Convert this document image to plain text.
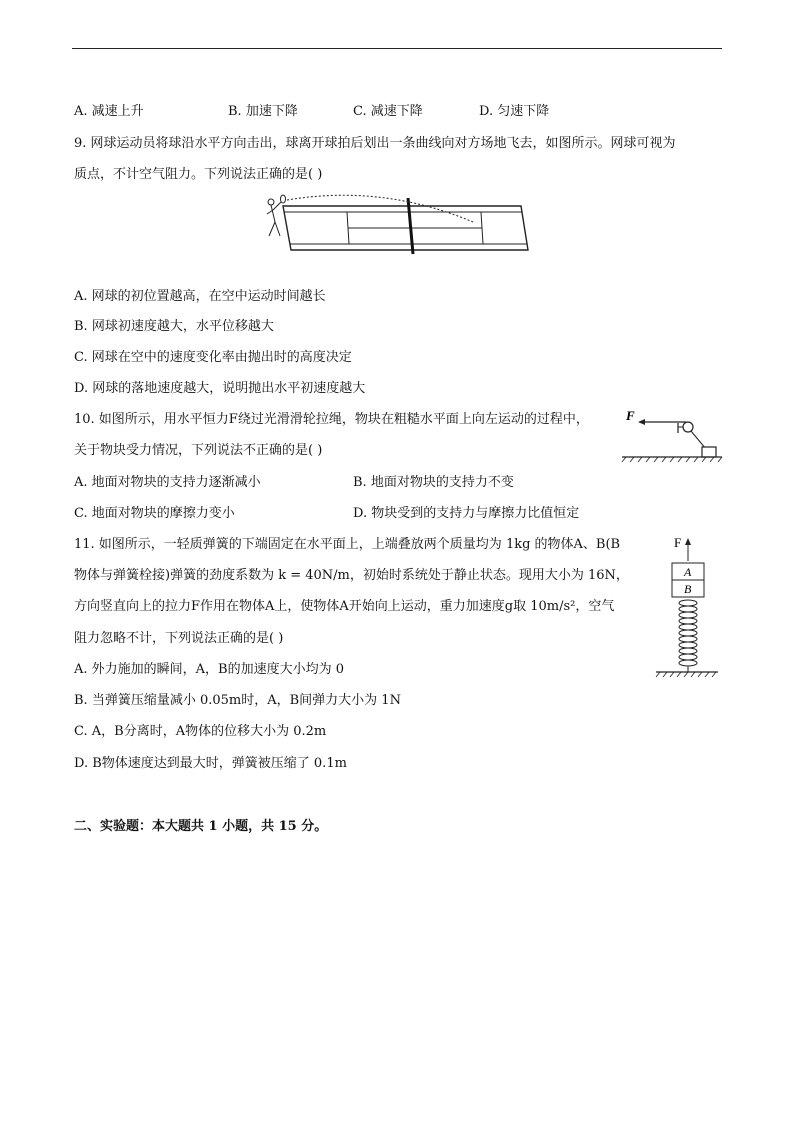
A. 减速上升	B. 加速下降	C. 减速下降	D. 匀速下降
9. 网球运动员将球沿水平方向击出，球离开球拍后划出一条曲线向对方场地飞去，如图所示。网球可视为
质点，不计空气阻力。下列说法正确的是( )
A. 网球的初位置越高，在空中运动时间越长
B. 网球初速度越大，水平位移越大
C. 网球在空中的速度变化率由抛出时的高度决定
D. 网球的落地速度越大，说明抛出水平初速度越大
10. 如图所示，用水平恒力F绕过光滑滑轮拉绳，物块在粗糙水平面上向左运动的过程中，
关于物块受力情况，下列说法不正确的是( )
F
A. 地面对物块的支持力逐渐减小	B. 地面对物块的支持力不变
C. 地面对物块的摩擦力变小	D. 物块受到的支持力与摩擦力比值恒定
11. 如图所示，一轻质弹簧的下端固定在水平面上，上端叠放两个质量均为 1kg 的物体A、B(B
物体与弹簧栓接)弹簧的劲度系数为 k = 40N/m，初始时系统处于静止状态。现用大小为 16N，
方向竖直向上的拉力F作用在物体A上，使物体A开始向上运动，重力加速度g取 10m/s²，空气
阻力忽略不计，下列说法正确的是( )
F
A
B
A. 外力施加的瞬间，A，B的加速度大小均为 0
B. 当弹簧压缩量减小 0.05m时，A，B间弹力大小为 1N
C. A，B分离时，A物体的位移大小为 0.2m
D. B物体速度达到最大时，弹簧被压缩了 0.1m
二、实验题：本大题共 1 小题，共 15 分。
